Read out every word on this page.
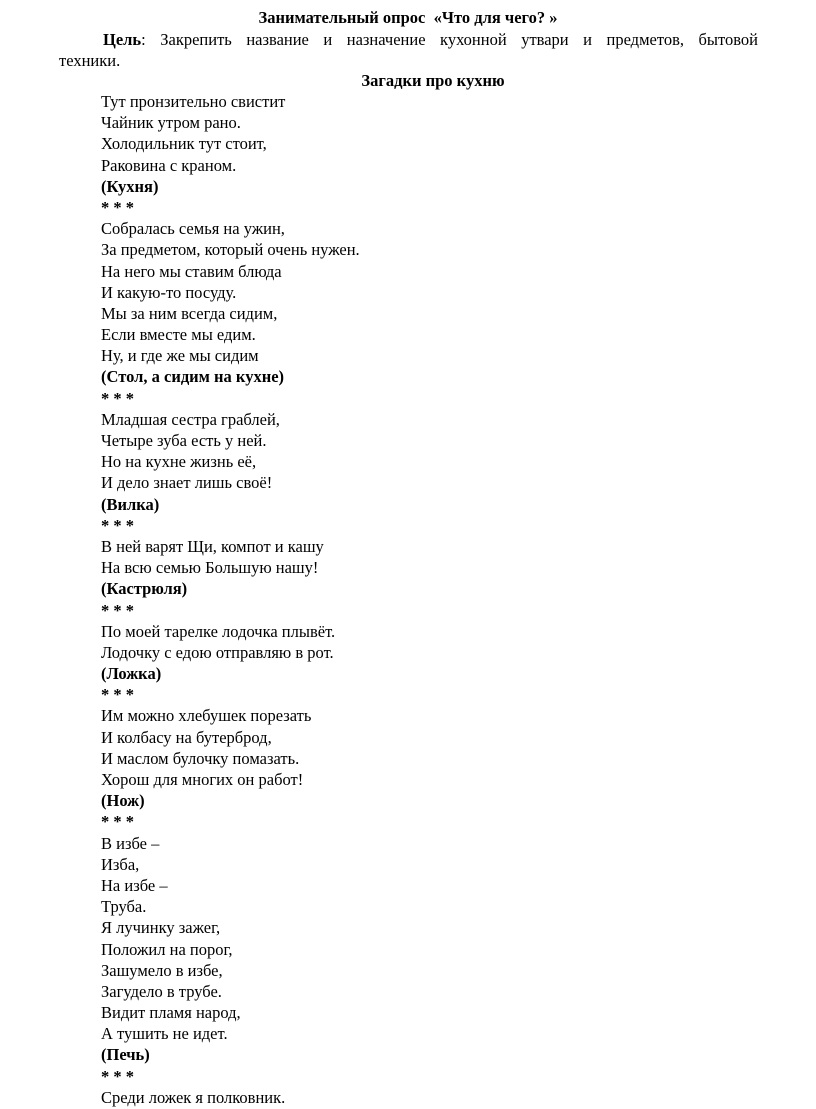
Занимательный опрос  «Что для чего? »
Цель: Закрепить название и назначение кухонной утвари и предметов, бытовой
техники.
Загадки про кухню
Тут пронзительно свистит
Чайник утром рано.
Холодильник тут стоит,
Раковина с краном.
(Кухня)
* * *
Собралась семья на ужин,
За предметом, который очень нужен.
На него мы ставим блюда
И какую-то посуду.
Мы за ним всегда сидим,
Если вместе мы едим.
Ну, и где же мы сидим
(Стол, а сидим на кухне)
* * *
Младшая сестра граблей,
Четыре зуба есть у ней.
Но на кухне жизнь её,
И дело знает лишь своё!
(Вилка)
* * *
В ней варят Щи, компот и кашу
На всю семью Большую нашу!
(Кастрюля)
* * *
По моей тарелке лодочка плывёт.
Лодочку с едою отправляю в рот.
(Ложка)
* * *
Им можно хлебушек порезать
И колбасу на бутерброд,
И маслом булочку помазать.
Хорош для многих он работ!
(Нож)
* * *
В избе –
Изба,
На избе –
Труба.
Я лучинку зажег,
Положил на порог,
Зашумело в избе,
Загудело в трубе.
Видит пламя народ,
А тушить не идет.
(Печь)
* * *
Среди ложек я полковник.
